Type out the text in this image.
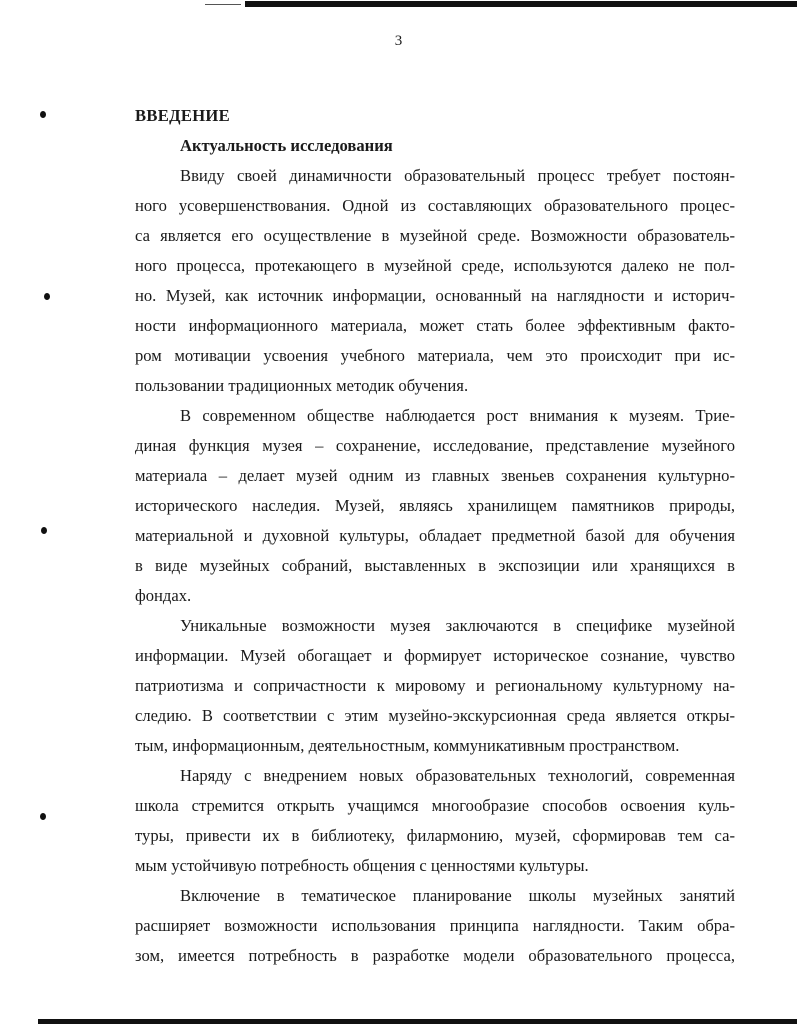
3

ВВЕДЕНИЕ

Актуальность исследования

Ввиду своей динамичности образовательный процесс требует постоян-
ного усовершенствования. Одной из составляющих образовательного процес-
са является его осуществление в музейной среде. Возможности образователь-
ного процесса, протекающего в музейной среде, используются далеко не пол-
но. Музей, как источник информации, основанный на наглядности и историч-
ности информационного материала, может стать более эффективным факто-
ром мотивации усвоения учебного материала, чем это происходит при ис-
пользовании традиционных методик обучения.

В современном обществе наблюдается рост внимания к музеям. Трие-
диная функция музея – сохранение, исследование, представление музейного
материала – делает музей одним из главных звеньев сохранения культурно-
исторического наследия. Музей, являясь хранилищем памятников природы,
материальной и духовной культуры, обладает предметной базой для обучения
в виде музейных собраний, выставленных в экспозиции или хранящихся в
фондах.

Уникальные возможности музея заключаются в специфике музейной
информации. Музей обогащает и формирует историческое сознание, чувство
патриотизма и сопричастности к мировому и региональному культурному на-
следию. В соответствии с этим музейно-экскурсионная среда является откры-
тым, информационным, деятельностным, коммуникативным пространством.

Наряду с внедрением новых образовательных технологий, современная
школа стремится открыть учащимся многообразие способов освоения куль-
туры, привести их в библиотеку, филармонию, музей, сформировав тем са-
мым устойчивую потребность общения с ценностями культуры.

Включение в тематическое планирование школы музейных занятий
расширяет возможности использования принципа наглядности. Таким обра-
зом, имеется потребность в разработке модели образовательного процесса,
